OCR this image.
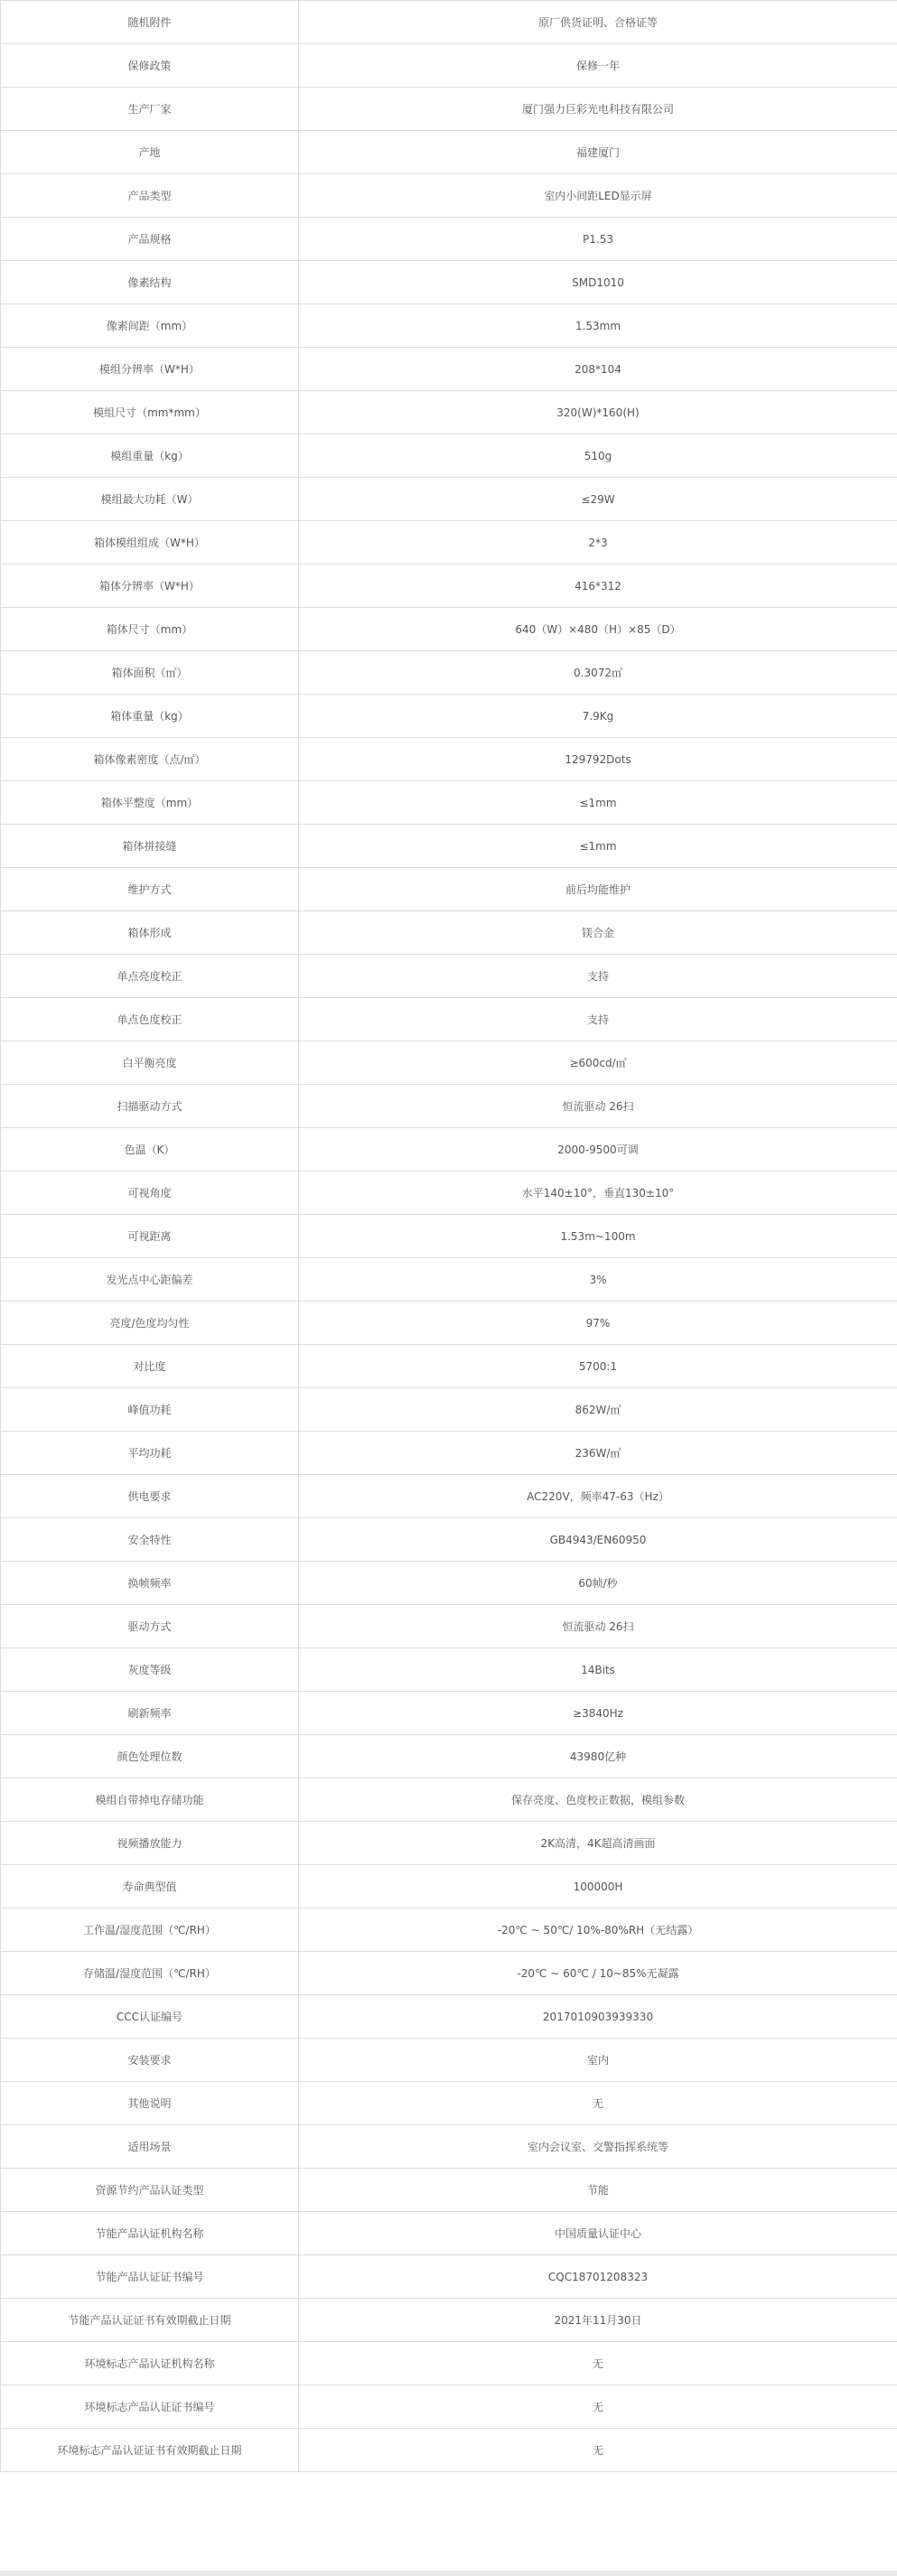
随机附件	原厂供货证明、合格证等
保修政策	保修一年
生产厂家	厦门强力巨彩光电科技有限公司
产地	福建厦门
产品类型	室内小间距LED显示屏
产品规格	P1.53
像素结构	SMD1010
像素间距（mm）	1.53mm
模组分辨率（W*H）	208*104
模组尺寸（mm*mm）	320(W)*160(H)
模组重量（kg）	510g
模组最大功耗（W）	≤29W
箱体模组组成（W*H）	2*3
箱体分辨率（W*H）	416*312
箱体尺寸（mm）	640（W）×480（H）×85（D）
箱体面积（㎡）	0.3072㎡
箱体重量（kg）	7.9Kg
箱体像素密度（点/㎡）	129792Dots
箱体平整度（mm）	≤1mm
箱体拼接缝	≤1mm
维护方式	前后均能维护
箱体形成	镁合金
单点亮度校正	支持
单点色度校正	支持
白平衡亮度	≥600cd/㎡
扫描驱动方式	恒流驱动 26扫
色温（K）	2000-9500可调
可视角度	水平140±10°，垂直130±10°
可视距离	1.53m~100m
发光点中心距偏差	3%
亮度/色度均匀性	97%
对比度	5700:1
峰值功耗	862W/㎡
平均功耗	236W/㎡
供电要求	AC220V，频率47-63（Hz）
安全特性	GB4943/EN60950
换帧频率	60帧/秒
驱动方式	恒流驱动 26扫
灰度等级	14Bits
刷新频率	≥3840Hz
颜色处理位数	43980亿种
模组自带掉电存储功能	保存亮度、色度校正数据，模组参数
视频播放能力	2K高清，4K超高清画面
寿命典型值	100000H
工作温/湿度范围（℃/RH）	-20℃ ~ 50℃/ 10%-80%RH（无结露）
存储温/湿度范围（℃/RH）	-20℃ ~ 60℃ / 10~85%无凝露
CCC认证编号	2017010903939330
安装要求	室内
其他说明	无
适用场景	室内会议室、交警指挥系统等
资源节约产品认证类型	节能
节能产品认证机构名称	中国质量认证中心
节能产品认证证书编号	CQC18701208323
节能产品认证证书有效期截止日期	2021年11月30日
环境标志产品认证机构名称	无
环境标志产品认证证书编号	无
环境标志产品认证证书有效期截止日期	无
